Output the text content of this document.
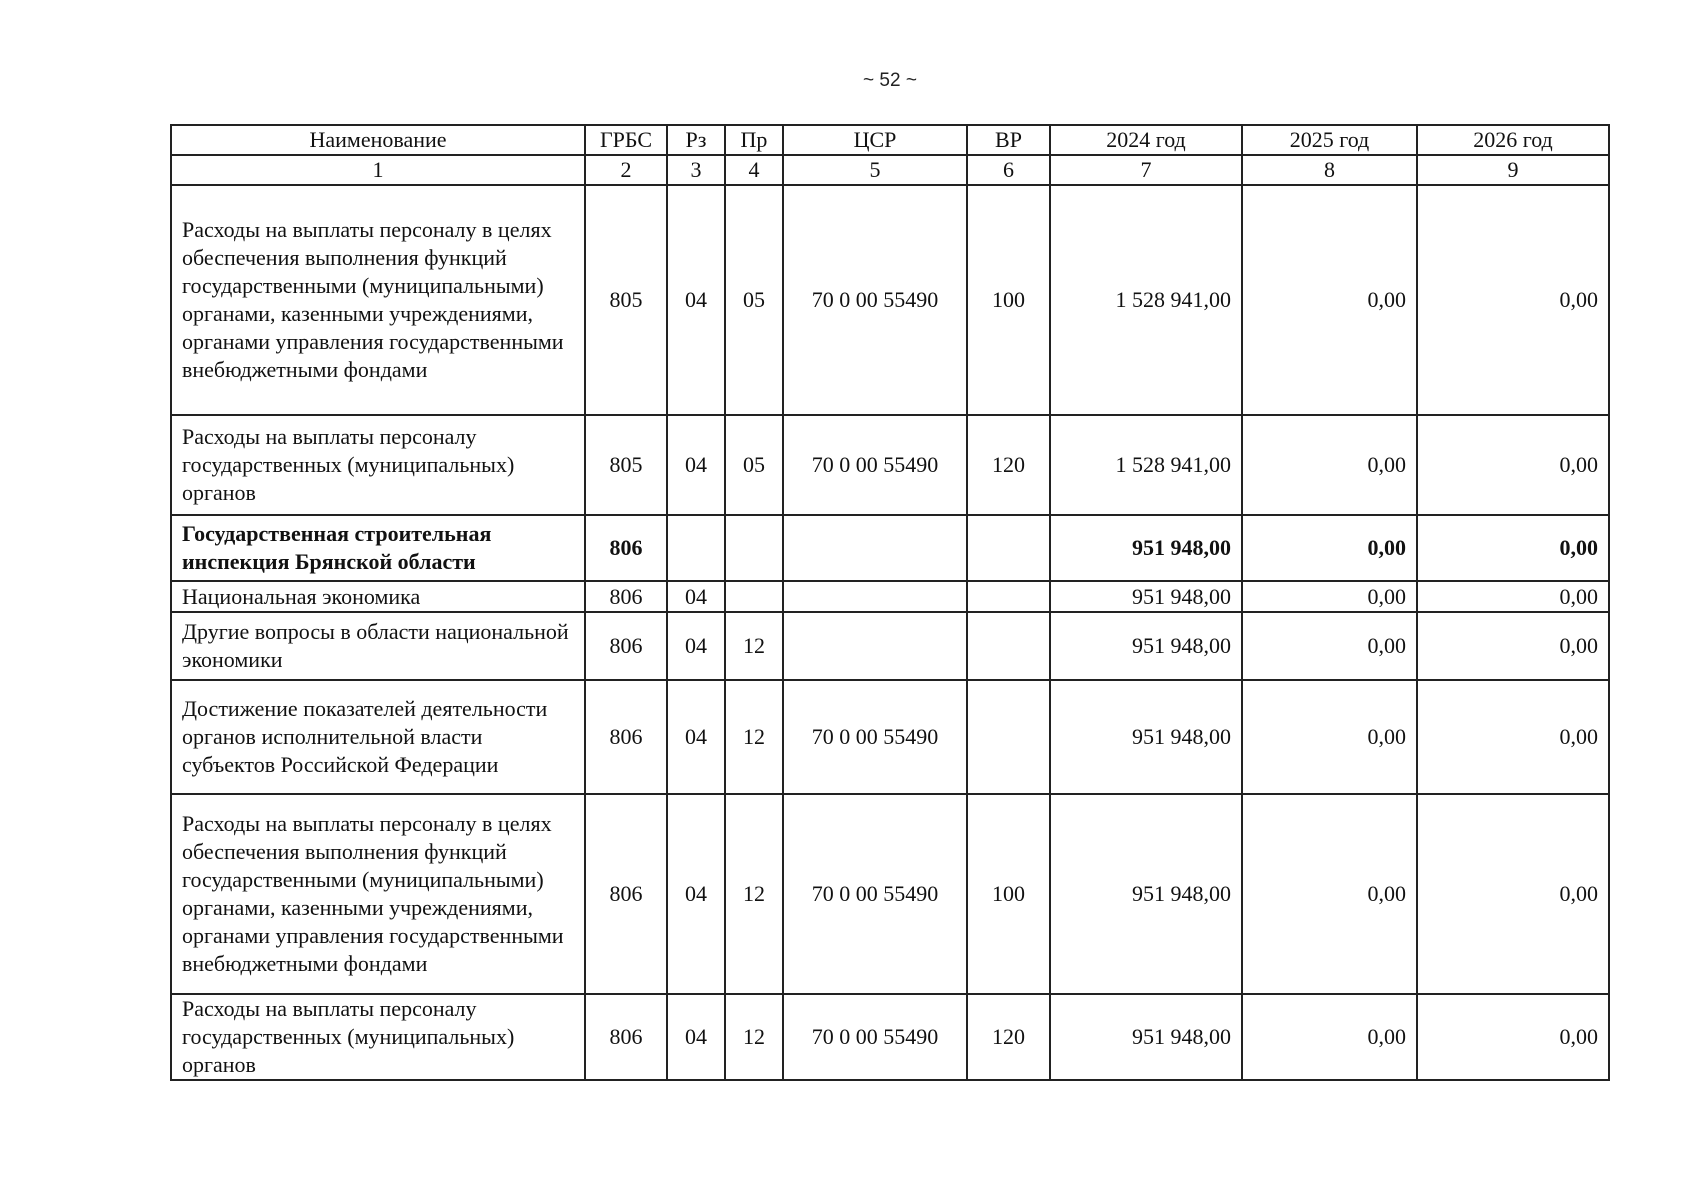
~ 52 ~
Наименование	ГРБС	Рз	Пр	ЦСР	ВР	2024 год	2025 год	2026 год
1	2	3	4	5	6	7	8	9
Расходы на выплаты персоналу в целях обеспечения выполнения функций государственными (муниципальными) органами, казенными учреждениями, органами управления государственными внебюджетными фондами	805	04	05	70 0 00 55490	100	1 528 941,00	0,00	0,00
Расходы на выплаты персоналу государственных (муниципальных) органов	805	04	05	70 0 00 55490	120	1 528 941,00	0,00	0,00
Государственная строительная инспекция Брянской области	806					951 948,00	0,00	0,00
Национальная экономика	806	04				951 948,00	0,00	0,00
Другие вопросы в области национальной экономики	806	04	12			951 948,00	0,00	0,00
Достижение показателей деятельности органов исполнительной власти субъектов Российской Федерации	806	04	12	70 0 00 55490		951 948,00	0,00	0,00
Расходы на выплаты персоналу в целях обеспечения выполнения функций государственными (муниципальными) органами, казенными учреждениями, органами управления государственными внебюджетными фондами	806	04	12	70 0 00 55490	100	951 948,00	0,00	0,00
Расходы на выплаты персоналу государственных (муниципальных) органов	806	04	12	70 0 00 55490	120	951 948,00	0,00	0,00
